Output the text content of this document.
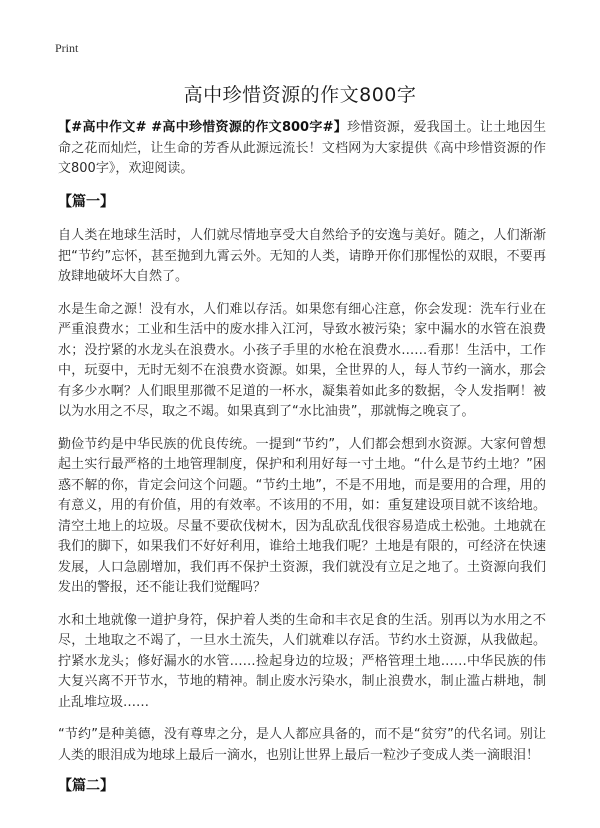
Print
高中珍惜资源的作文800字

【#高中作文# #高中珍惜资源的作文800字#】珍惜资源，爱我国土。让土地因生命之花而灿烂，让生命的芳香从此源远流长！文档网为大家提供《高中珍惜资源的作文800字》，欢迎阅读。

【篇一】

自人类在地球生活时，人们就尽情地享受大自然给予的安逸与美好。随之，人们渐渐把“节约”忘怀，甚至抛到九霄云外。无知的人类，请睁开你们那惺忪的双眼，不要再放肆地破坏大自然了。

水是生命之源！没有水，人们难以存活。如果您有细心注意，你会发现：洗车行业在严重浪费水；工业和生活中的废水排入江河，导致水被污染；家中漏水的水管在浪费水；没拧紧的水龙头在浪费水。小孩子手里的水枪在浪费水……看那！生活中，工作中，玩耍中，无时无刻不在浪费水资源。如果，全世界的人，每人节约一滴水，那会有多少水啊？人们眼里那微不足道的一杯水，凝集着如此多的数据，令人发指啊！被以为水用之不尽，取之不竭。如果真到了“水比油贵”，那就悔之晚哀了。

勤俭节约是中华民族的优良传统。一提到“节约”，人们都会想到水资源。大家何曾想起土实行最严格的土地管理制度，保护和利用好每一寸土地。“什么是节约土地？”困惑不解的你，肯定会问这个问题。“节约土地”，不是不用地，而是要用的合理，用的有意义，用的有价值，用的有效率。不该用的不用，如：重复建设项目就不该给地。清空土地上的垃圾。尽量不要砍伐树木，因为乱砍乱伐很容易造成土松弛。土地就在我们的脚下，如果我们不好好利用，谁给土地我们呢？土地是有限的，可经济在快速发展，人口急剧增加，我们再不保护土资源，我们就没有立足之地了。土资源向我们发出的警报，还不能让我们觉醒吗？

水和土地就像一道护身符，保护着人类的生命和丰衣足食的生活。别再以为水用之不尽，土地取之不竭了，一旦水土流失，人们就难以存活。节约水土资源，从我做起。拧紧水龙头；修好漏水的水管……捡起身边的垃圾；严格管理土地……中华民族的伟大复兴离不开节水，节地的精神。制止废水污染水，制止浪费水，制止滥占耕地，制止乱堆垃圾……

“节约”是种美德，没有尊卑之分，是人人都应具备的，而不是“贫穷”的代名词。别让人类的眼泪成为地球上最后一滴水，也别让世界上最后一粒沙子变成人类一滴眼泪！

【篇二】
